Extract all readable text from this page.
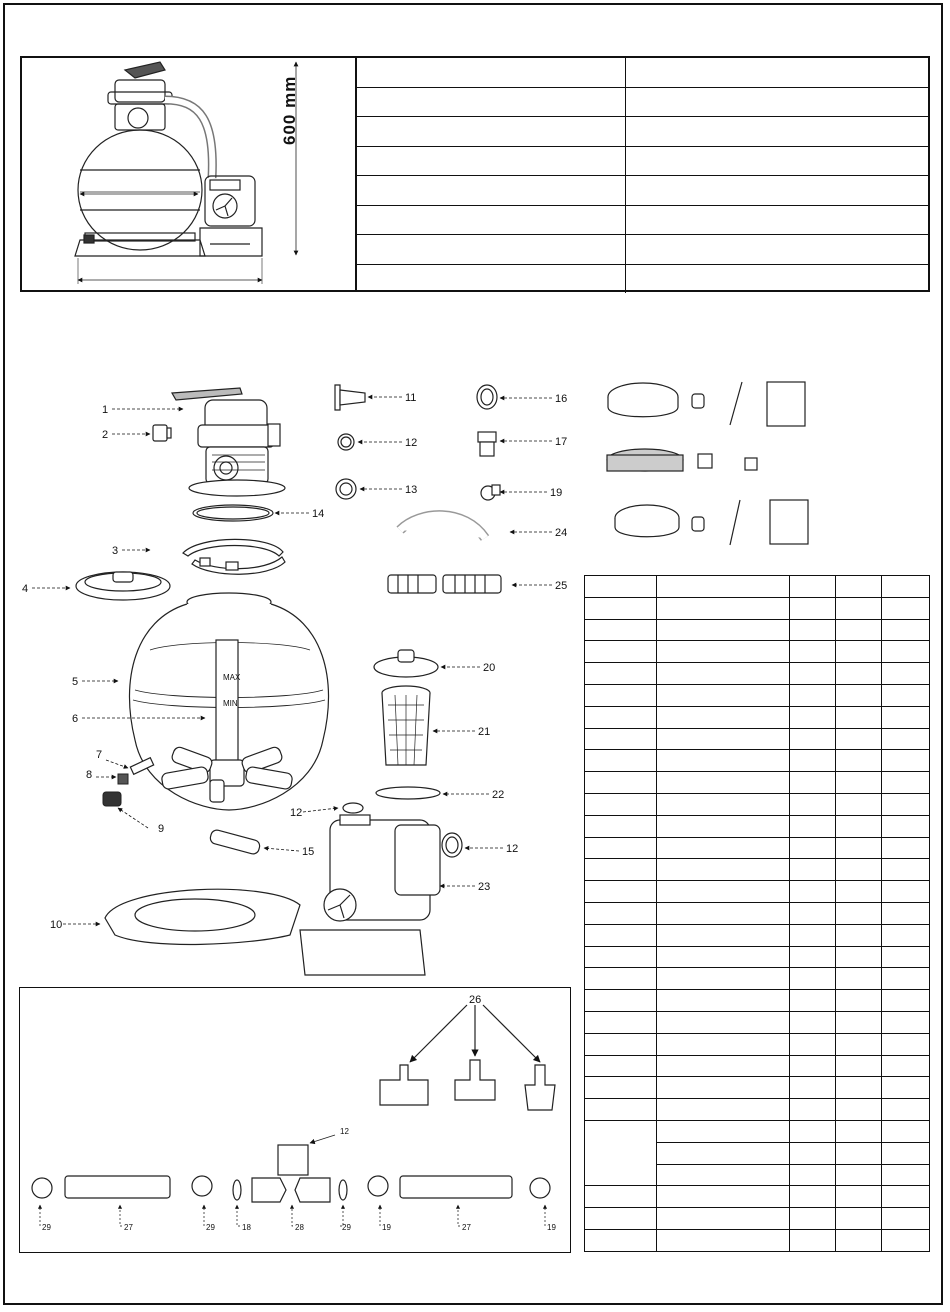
600 mm

1
2
3
4
5
6
7
8
9
10
11
12
13
14
15
16
17
19
24
25
20
21
22
12
12
23
MAX
MIN
26
12
29	27	29	18	28	29	19	27	19
